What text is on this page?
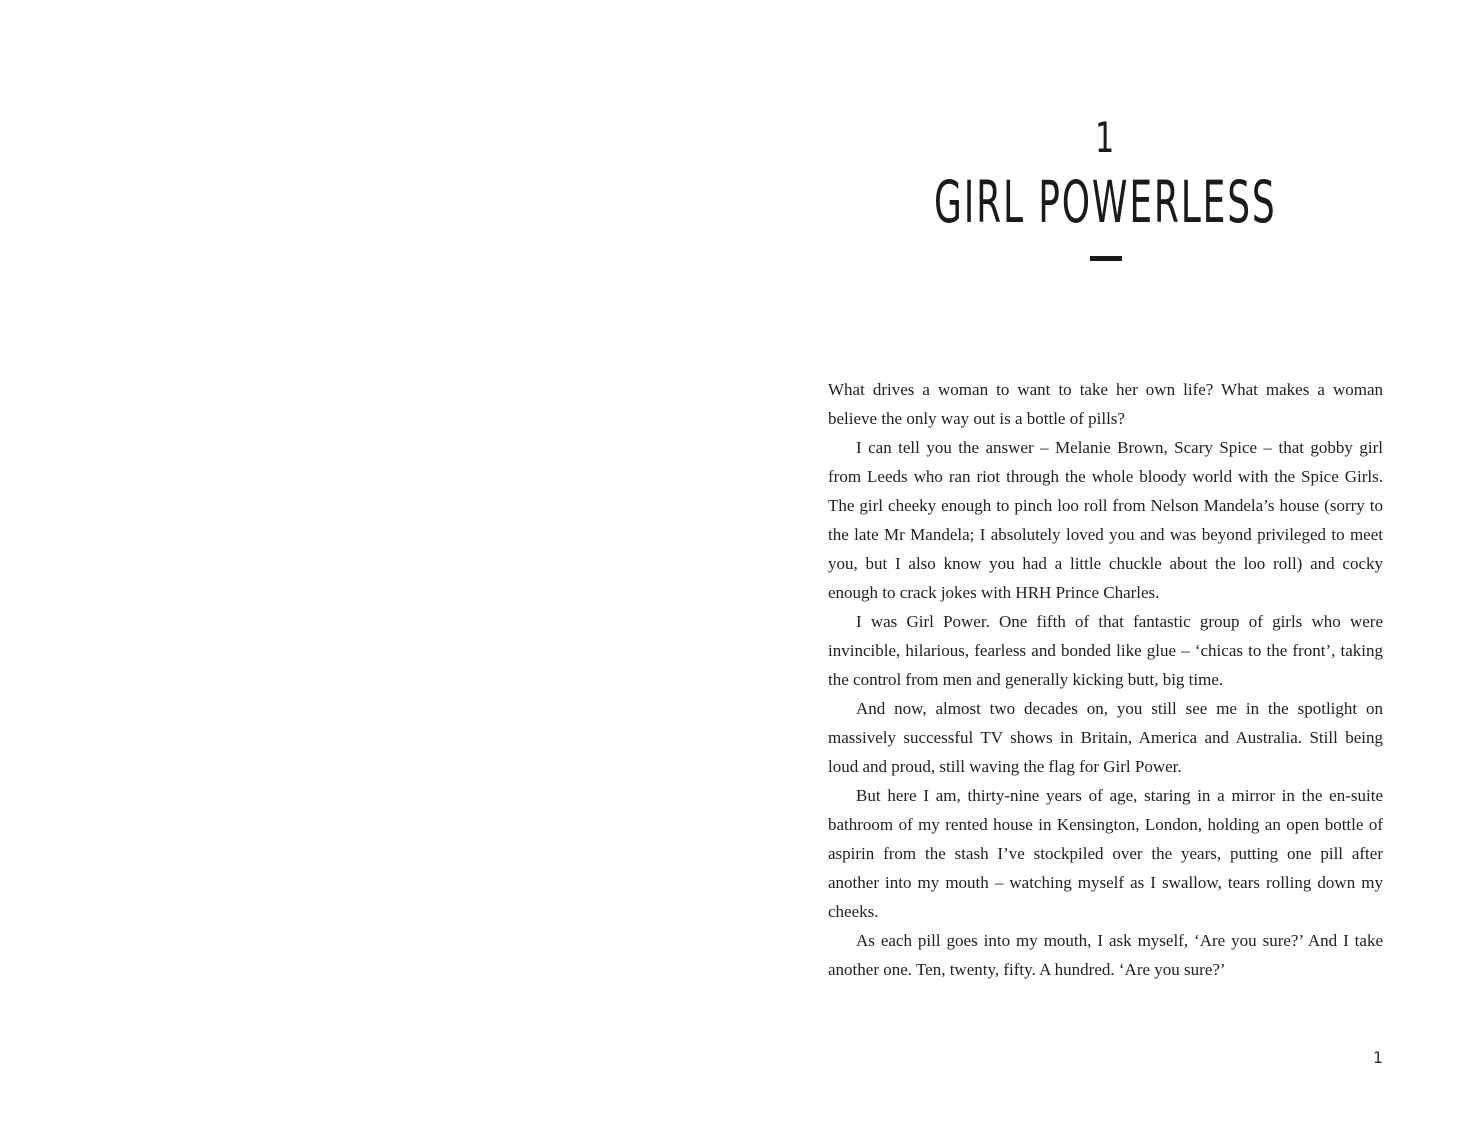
1
GIRL POWERLESS

What drives a woman to want to take her own life? What makes a woman believe the only way out is a bottle of pills?

I can tell you the answer – Melanie Brown, Scary Spice – that gobby girl from Leeds who ran riot through the whole bloody world with the Spice Girls. The girl cheeky enough to pinch loo roll from Nelson Mandela’s house (sorry to the late Mr Mandela; I absolutely loved you and was beyond privileged to meet you, but I also know you had a little chuckle about the loo roll) and cocky enough to crack jokes with HRH Prince Charles.

I was Girl Power. One fifth of that fantastic group of girls who were invincible, hilarious, fearless and bonded like glue – ‘chicas to the front’, taking the control from men and generally kicking butt, big time.

And now, almost two decades on, you still see me in the spotlight on massively successful TV shows in Britain, America and Australia. Still being loud and proud, still waving the flag for Girl Power.

But here I am, thirty-nine years of age, staring in a mirror in the en-suite bathroom of my rented house in Kensington, London, holding an open bottle of aspirin from the stash I’ve stockpiled over the years, putting one pill after another into my mouth – watching myself as I swallow, tears rolling down my cheeks.

As each pill goes into my mouth, I ask myself, ‘Are you sure?’ And I take another one. Ten, twenty, fifty. A hundred. ‘Are you sure?’

1
